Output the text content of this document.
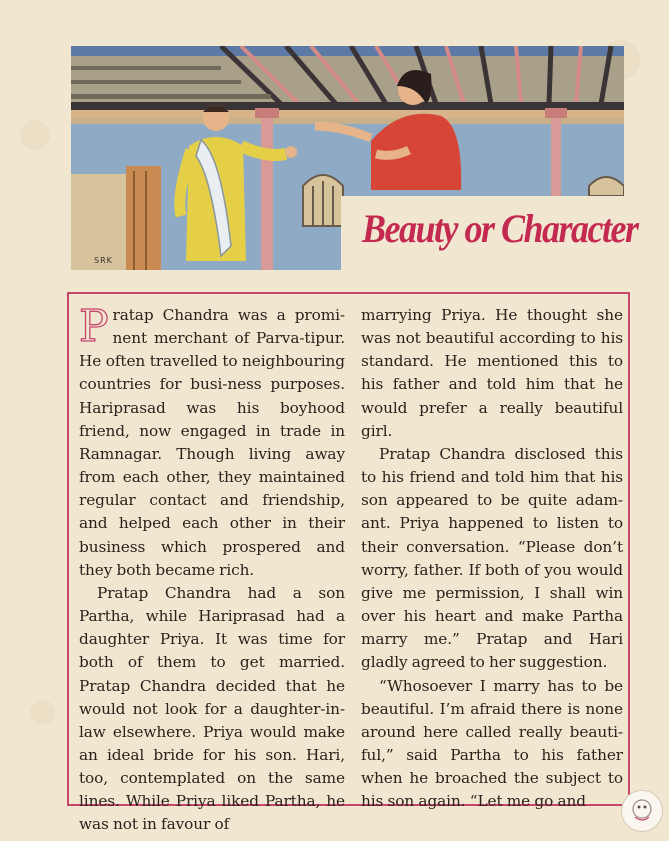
Beauty or Character
SRK

Pratap Chandra was a promi-nent merchant of Parva-tipur. He often travelled to neighbouring countries for busi-ness purposes. Hariprasad was his boyhood friend, now engaged in trade in Ramnagar. Though living away from each other, they maintained regular contact and friendship, and helped each other in their business which prospered and they both became rich.

Pratap Chandra had a son Partha, while Hariprasad had a daughter Priya. It was time for both of them to get married. Pratap Chandra decided that he would not look for a daughter-in-law elsewhere. Priya would make an ideal bride for his son. Hari, too, contemplated on the same lines. While Priya liked Partha, he was not in favour of

marrying Priya. He thought she was not beautiful according to his standard. He mentioned this to his father and told him that he would prefer a really beautiful girl.

Pratap Chandra disclosed this to his friend and told him that his son appeared to be quite adam-ant. Priya happened to listen to their conversation. “Please don’t worry, father. If both of you would give me permission, I shall win over his heart and make Partha marry me.” Pratap and Hari gladly agreed to her suggestion.

“Whosoever I marry has to be beautiful. I’m afraid there is none around here called really beauti-ful,” said Partha to his father when he broached the subject to his son again. “Let me go and
